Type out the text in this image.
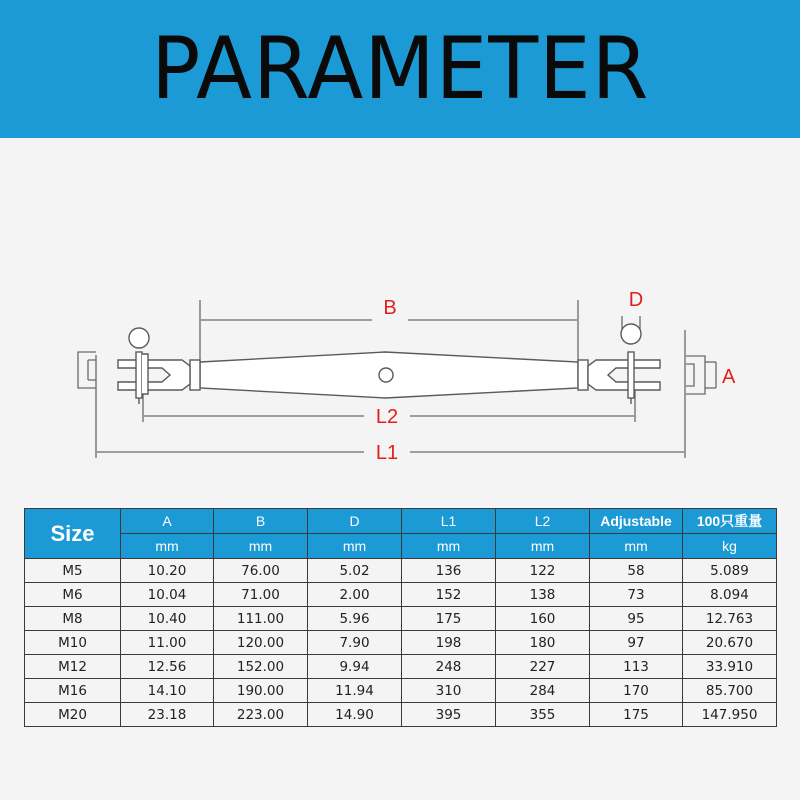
PARAMETER
B
L2
L1
D
A
Size	A	B	D	L1	L2	Adjustable	100只重量
	mm	mm	mm	mm	mm	mm	kg
M5	10.20	76.00	5.02	136	122	58	5.089
M6	10.04	71.00	2.00	152	138	73	8.094
M8	10.40	111.00	5.96	175	160	95	12.763
M10	11.00	120.00	7.90	198	180	97	20.670
M12	12.56	152.00	9.94	248	227	113	33.910
M16	14.10	190.00	11.94	310	284	170	85.700
M20	23.18	223.00	14.90	395	355	175	147.950
